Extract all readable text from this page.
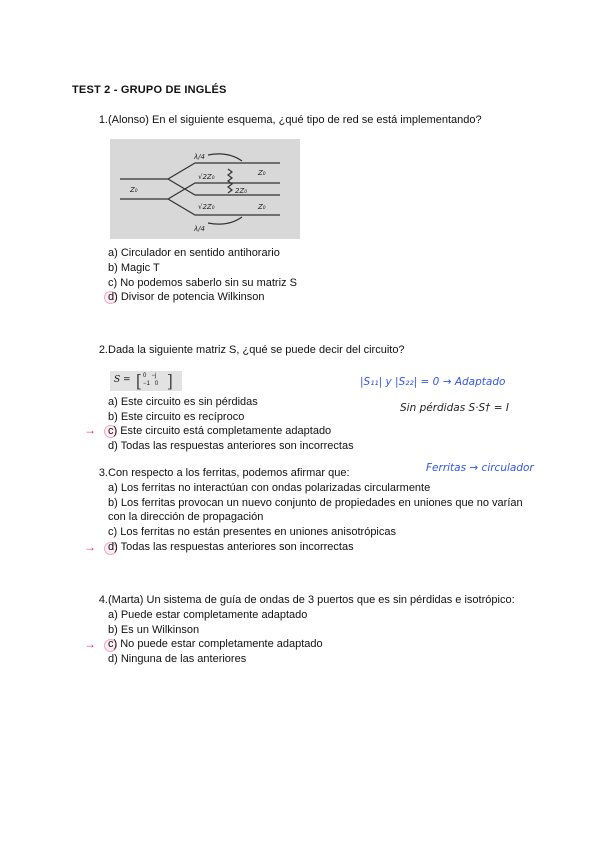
TEST 2 - GRUPO DE INGLÉS
1. (Alonso) En el siguiente esquema, ¿qué tipo de red se está implementando?
λ/4
√2Z₀
2Z₀
√2Z₀
λ/4
Z₀
Z₀
Z₀
a) Circulador en sentido antihorario
b) Magic T
c) No podemos saberlo sin su matriz S
d) Divisor de potencia Wilkinson
2. Dada la siguiente matriz S, ¿qué se puede decir del circuito?
S = [ 0   −j
−1   0 ]	|S₁₁| y |S₂₂| = 0 → Adaptado
Sin pérdidas S·S† = I
→
a) Este circuito es sin pérdidas
b) Este circuito es recíproco
c) Este circuito está completamente adaptado
d) Todas las respuestas anteriores son incorrectas
3. Con respecto a los ferritas, podemos afirmar que:	Ferritas → circulador
a) Los ferritas no interactúan con ondas polarizadas circularmente
b) Los ferritas provocan un nuevo conjunto de propiedades en uniones que no varían
con la dirección de propagación
c) Los ferritas no están presentes en uniones anisotrópicas
→ d) Todas las respuestas anteriores son incorrectas
4. (Marta) Un sistema de guía de ondas de 3 puertos que es sin pérdidas e isotrópico:
a) Puede estar completamente adaptado
b) Es un Wilkinson
→ c) No puede estar completamente adaptado
d) Ninguna de las anteriores
